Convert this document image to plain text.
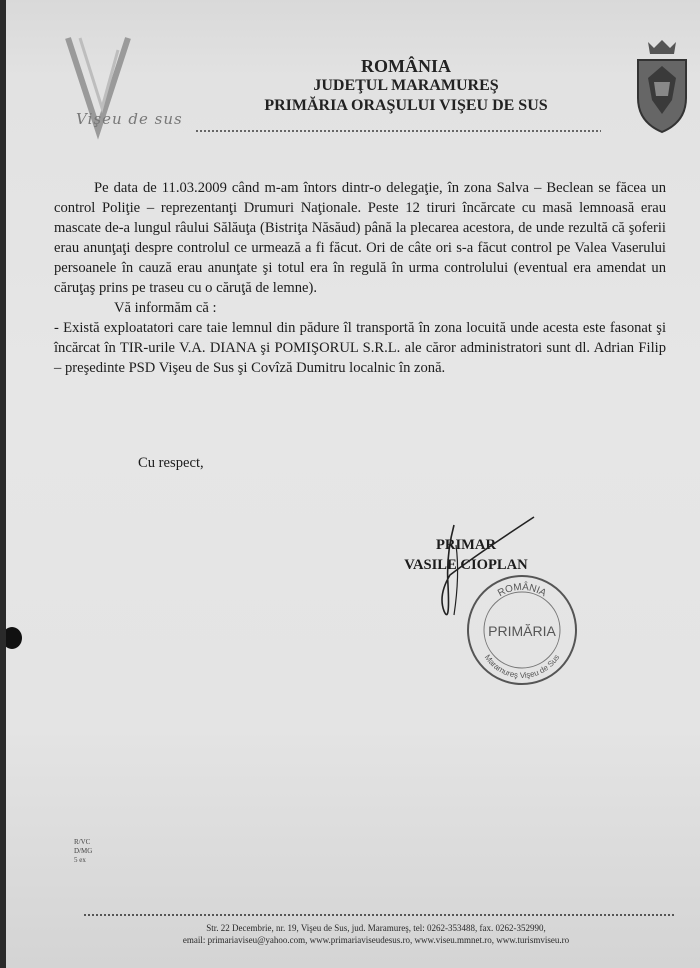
Vişeu de sus
ROMÂNIA
JUDEŢUL MARAMUREŞ
PRIMĂRIA ORAŞULUI VIŞEU DE SUS

Pe data de 11.03.2009 când m-am întors dintr-o delegaţie, în zona Salva – Beclean se făcea un control Poliţie – reprezentanţi Drumuri Naţionale. Peste 12 tiruri încărcate cu masă lemnoasă erau mascate de-a lungul râului Sălăuţa (Bistriţa Năsăud) până la plecarea acestora, de unde rezultă că şoferii erau anunţaţi despre controlul ce urmează a fi făcut. Ori de câte ori s-a făcut control pe Valea Vaserului persoanele în cauză erau anunţate şi totul era în regulă în urma controlului (eventual era amendat un căruţaş prins pe traseu cu o căruţă de lemne).

Vă informăm că :

- Există exploatatori care taie lemnul din pădure îl transportă în zona locuită unde acesta este fasonat şi încărcat în TIR-urile V.A. DIANA şi POMIŞORUL S.R.L. ale căror administratori sunt dl. Adrian Filip – preşedinte PSD Vişeu de Sus şi Covîză Dumitru localnic în zonă.

Cu respect,
PRIMAR
VASILE CIOPLAN
ROMÂNIA
PRIMĂRIA
Maramureş Vişeu de Sus
R/VC
D/MG
5 ex
Str. 22 Decembrie, nr. 19, Vişeu de Sus, jud. Maramureş, tel: 0262-353488, fax. 0262-352990,
email: primariaviseu@yahoo.com, www.primariaviseudesus.ro, www.viseu.mmnet.ro, www.turismviseu.ro
